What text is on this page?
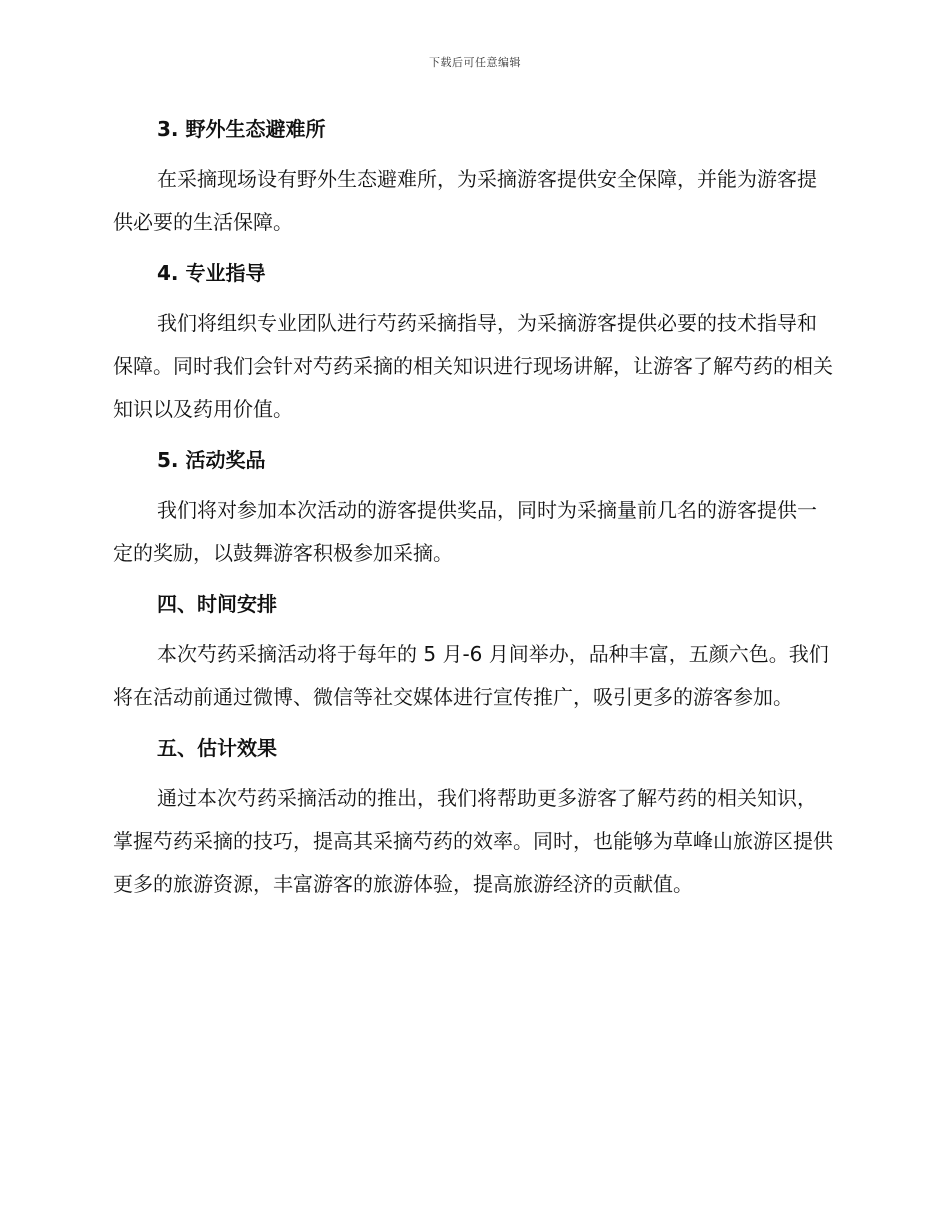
下载后可任意编辑
3. 野外生态避难所

在采摘现场设有野外生态避难所，为采摘游客提供安全保障，并能为游客提供必要的生活保障。

4. 专业指导

我们将组织专业团队进行芍药采摘指导，为采摘游客提供必要的技术指导和保障。同时我们会针对芍药采摘的相关知识进行现场讲解，让游客了解芍药的相关知识以及药用价值。

5. 活动奖品

我们将对参加本次活动的游客提供奖品，同时为采摘量前几名的游客提供一定的奖励，以鼓舞游客积极参加采摘。

四、时间安排

本次芍药采摘活动将于每年的 5 月-6 月间举办，品种丰富，五颜六色。我们将在活动前通过微博、微信等社交媒体进行宣传推广，吸引更多的游客参加。

五、估计效果

通过本次芍药采摘活动的推出，我们将帮助更多游客了解芍药的相关知识，掌握芍药采摘的技巧，提高其采摘芍药的效率。同时，也能够为草峰山旅游区提供更多的旅游资源，丰富游客的旅游体验，提高旅游经济的贡献值。
